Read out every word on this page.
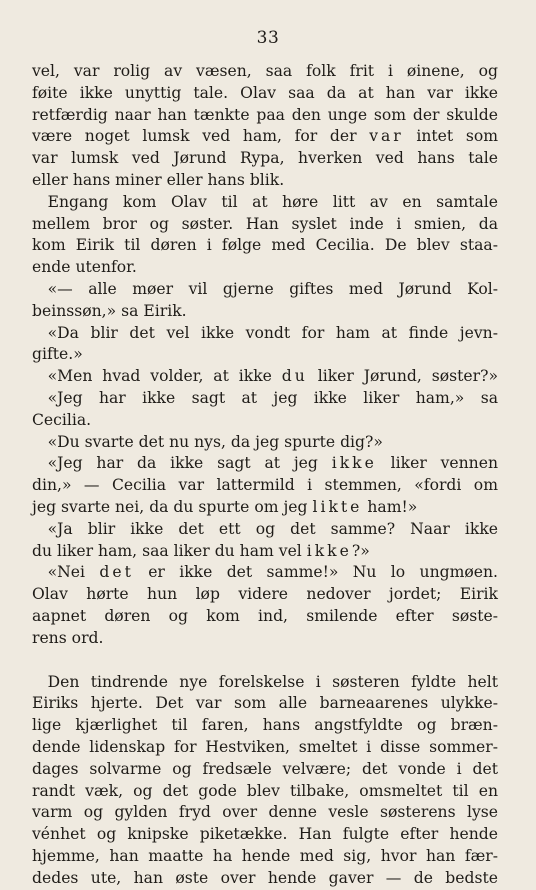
33
vel, var rolig av væsen, saa folk frit i øinene, og
føite ikke unyttig tale. Olav saa da at han var ikke
retfærdig naar han tænkte paa den unge som der skulde
være noget lumsk ved ham, for der var intet som
var lumsk ved Jørund Rypa, hverken ved hans tale
eller hans miner eller hans blik.
 Engang kom Olav til at høre litt av en samtale
mellem bror og søster. Han syslet inde i smien, da
kom Eirik til døren i følge med Cecilia. De blev staa-
ende utenfor.
 «— alle møer vil gjerne giftes med Jørund Kol-
beinssøn,» sa Eirik.
 «Da blir det vel ikke vondt for ham at finde jevn-
gifte.»
 «Men hvad volder, at ikke du liker Jørund, søster?»
 «Jeg har ikke sagt at jeg ikke liker ham,» sa
Cecilia.
 «Du svarte det nu nys, da jeg spurte dig?»
 «Jeg har da ikke sagt at jeg ikke liker vennen
din,» — Cecilia var lattermild i stemmen, «fordi om
jeg svarte nei, da du spurte om jeg likte ham!»
 «Ja blir ikke det ett og det samme? Naar ikke
du liker ham, saa liker du ham vel ikke?»
 «Nei det er ikke det samme!» Nu lo ungmøen.
Olav hørte hun løp videre nedover jordet; Eirik
aapnet døren og kom ind, smilende efter søste-
rens ord.
 Den tindrende nye forelskelse i søsteren fyldte helt
Eiriks hjerte. Det var som alle barneaarenes ulykke-
lige kjærlighet til faren, hans angstfyldte og bræn-
dende lidenskap for Hestviken, smeltet i disse sommer-
dages solvarme og fredsæle velvære; det vonde i det
randt væk, og det gode blev tilbake, omsmeltet til en
varm og gylden fryd over denne vesle søsterens lyse
vénhet og knipske piketække. Han fulgte efter hende
hjemme, han maatte ha hende med sig, hvor han fær-
dedes ute, han øste over hende gaver — de bedste
